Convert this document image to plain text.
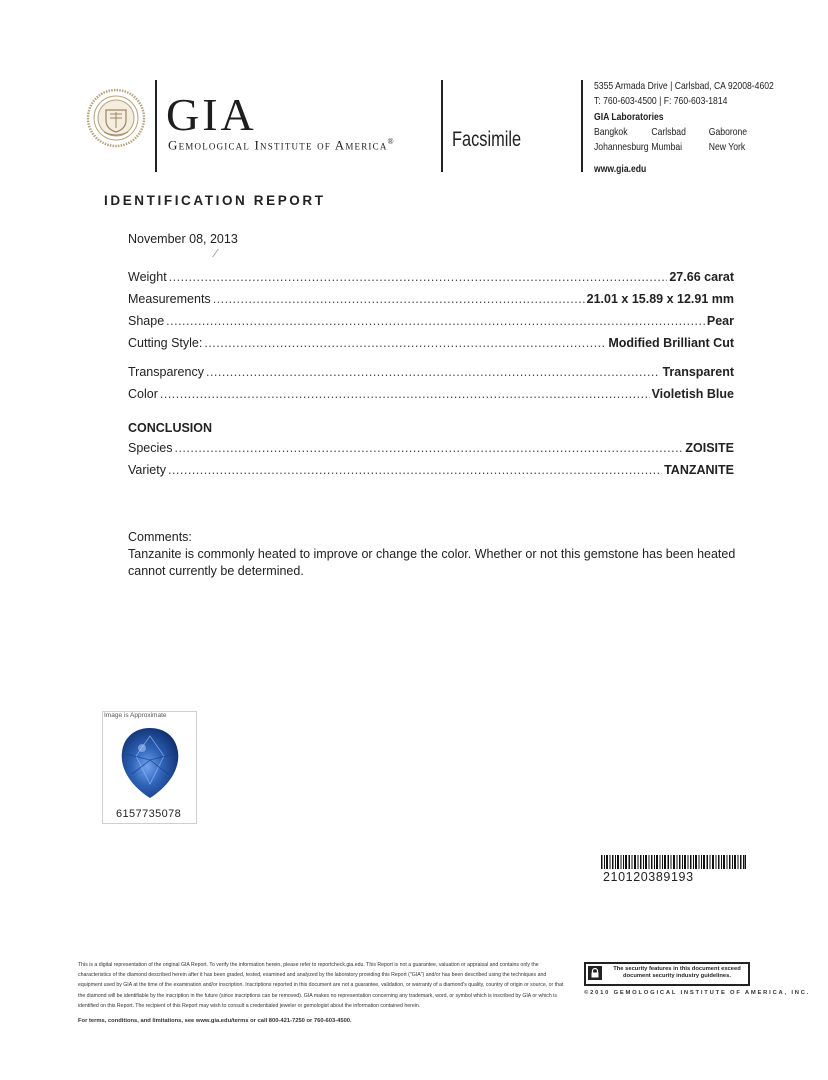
GIA
Gemological Institute of America®	Facsimile
5355 Armada Drive | Carlsbad, CA 92008-4602
T: 760-603-4500 | F: 760-603-1814
GIA Laboratories
Bangkok Carlsbad Gaborone
Johannesburg Mumbai	New York
www.gia.edu
IDENTIFICATION REPORT
November 08, 2013
Weight .....	27.66 carat
Measurements .....	21.01 x 15.89 x 12.91 mm
Shape .....	Pear
Cutting Style: .....	Modified Brilliant Cut
Transparency .....	Transparent
Color .....	Violetish Blue
CONCLUSION
Species .....	ZOISITE
Variety .....	TANZANITE
Comments:
Tanzanite is commonly heated to improve or change the color. Whether or not this gemstone has been heated cannot currently be determined.
Image is Approximate
6157735078
210120389193
This is a digital representation of the original GIA Report. To verify the information herein, please refer to reportcheck.gia.edu. This Report is not a guarantee, valuation or appraisal and contains only the characteristics of the diamond described herein after it has been graded, tested, examined and analyzed by the laboratory providing this Report ("GIA") and/or has been described using the techniques and equipment used by GIA at the time of the examination and/or inscription. Inscriptions reported in this document are not a guarantee, validation, or warranty of a diamond's quality, country of origin or source, or that the diamond will be identifiable by the inscription in the future (since inscriptions can be removed). GIA makes no representation concerning any trademark, word, or symbol which is inscribed by GIA or which is identified on this Report. The recipient of this Report may wish to consult a credentialed jeweler or gemologist about the information contained herein.
For terms, conditions, and limitations, see www.gia.edu/terms or call 800-421-7250 or 760-603-4500.
The security features in this document exceed document security industry guidelines.
©2010 GEMOLOGICAL INSTITUTE OF AMERICA, INC.
